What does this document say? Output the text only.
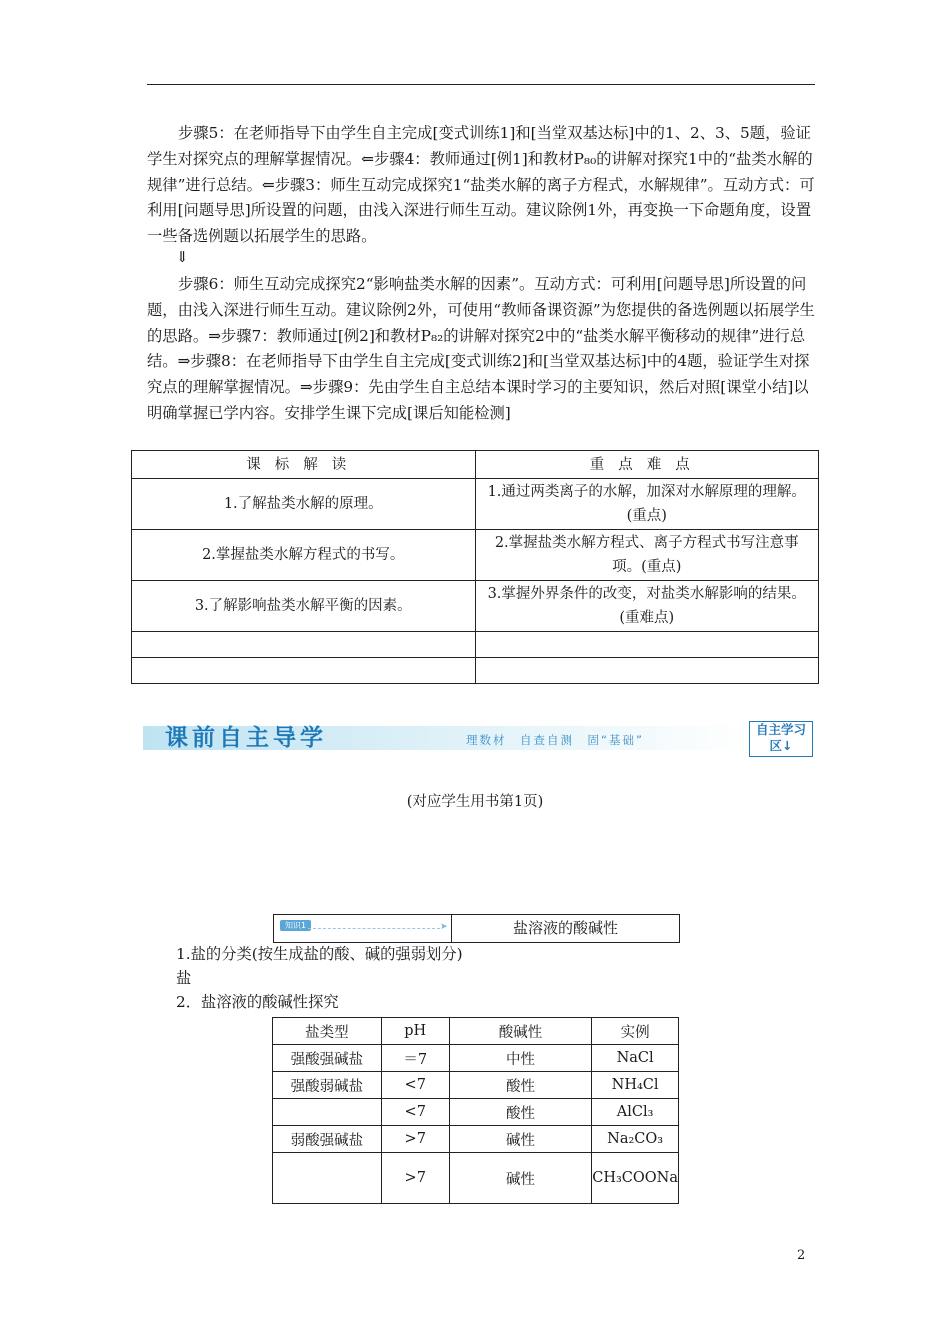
步骤5：在老师指导下由学生自主完成[变式训练1]和[当堂双基达标]中的1、2、3、5题，验证学生对探究点的理解掌握情况。⇐步骤4：教师通过[例1]和教材P₈₀的讲解对探究1中的“盐类水解的规律”进行总结。⇐步骤3：师生互动完成探究1“盐类水解的离子方程式，水解规律”。互动方式：可利用[问题导思]所设置的问题，由浅入深进行师生互动。建议除例1外，再变换一下命题角度，设置一些备选例题以拓展学生的思路。

⇓

步骤6：师生互动完成探究2“影响盐类水解的因素”。互动方式：可利用[问题导思]所设置的问题，由浅入深进行师生互动。建议除例2外，可使用“教师备课资源”为您提供的备选例题以拓展学生的思路。⇒步骤7：教师通过[例2]和教材P₈₂的讲解对探究2中的“盐类水解平衡移动的规律”进行总结。⇒步骤8：在老师指导下由学生自主完成[变式训练2]和[当堂双基达标]中的4题，验证学生对探究点的理解掌握情况。⇒步骤9：先由学生自主总结本课时学习的主要知识，然后对照[课堂小结]以明确掌握已学内容。安排学生课下完成[课后知能检测]

课标解读	重点难点
1.了解盐类水解的原理。	1.通过两类离子的水解，加深对水解原理的理解。(重点)
2.掌握盐类水解方程式的书写。	2.掌握盐类水解方程式、离子方程式书写注意事项。(重点)
3.了解影响盐类水解平衡的因素。	3.掌握外界条件的改变，对盐类水解影响的结果。(重难点)

课前自主导学	理数材　自查自测　固“基础”
自主学习区↓
(对应学生用书第1页)
知识1	➤	盐溶液的酸碱性

1.盐的分类(按生成盐的酸、碱的强弱划分)

盐

2．盐溶液的酸碱性探究

盐类型	pH	酸碱性	实例
强酸强碱盐	＝7	中性	NaCl
强酸弱碱盐	<7	酸性	NH₄Cl
	<7	酸性	AlCl₃
弱酸强碱盐	>7	碱性	Na₂CO₃
	>7	碱性	CH₃COONa
2
